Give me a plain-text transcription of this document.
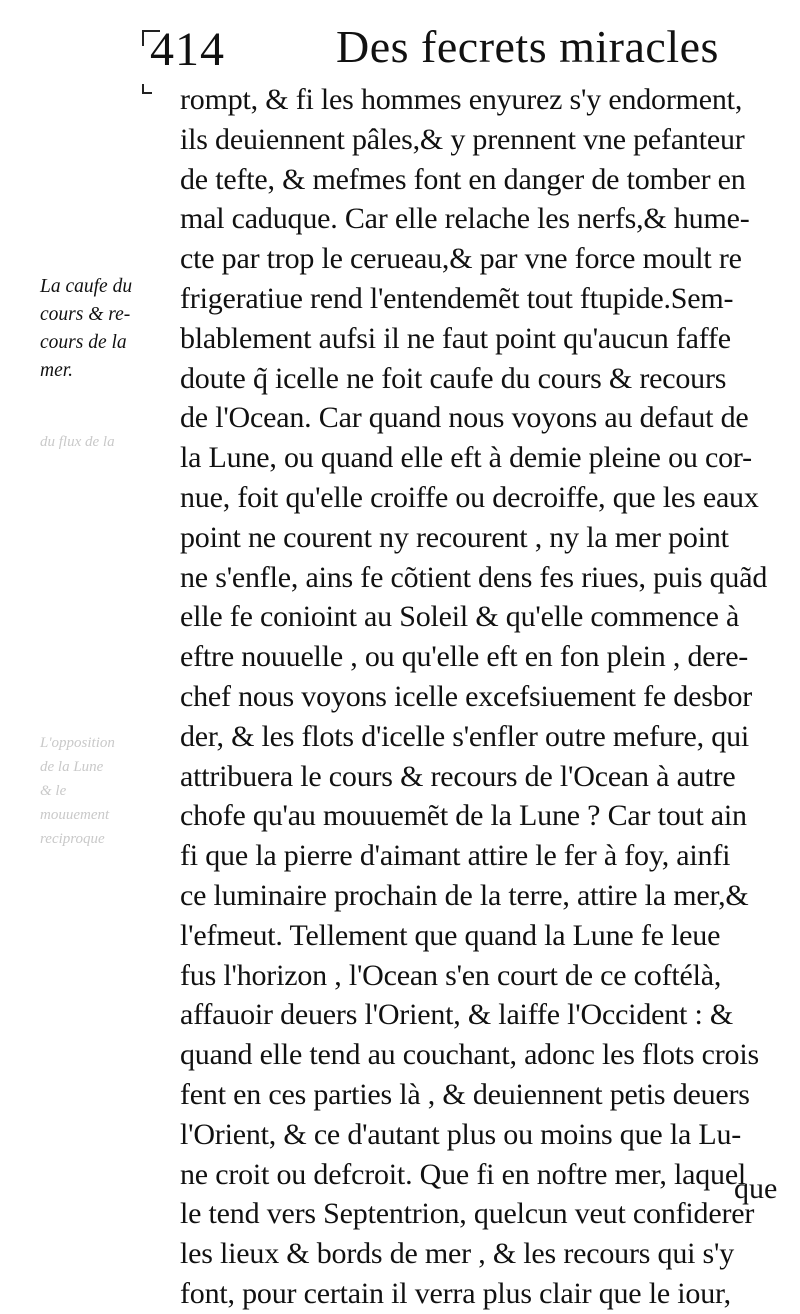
414 Des fecrets miracles
La caufe du
cours & re-
cours de la
mer.
du flux de la
L'opposition
de la Lune
& le
mouuement
reciproque
rompt, & fi les hommes enyurez s'y endorment,
ils deuiennent pâles,& y prennent vne pefanteur
de tefte, & mefmes font en danger de tomber en
mal caduque. Car elle relache les nerfs,& hume-
cte par trop le cerueau,& par vne force moult re
frigeratiue rend l'entendemẽt tout ftupide.Sem-
blablement aufsi il ne faut point qu'aucun faffe
doute q̃ icelle ne foit caufe du cours & recours
de l'Ocean. Car quand nous voyons au defaut de
la Lune, ou quand elle eft à demie pleine ou cor-
nue, foit qu'elle croiffe ou decroiffe, que les eaux
point ne courent ny recourent , ny la mer point
ne s'enfle, ains fe cõtient dens fes riues, puis quãd
elle fe conioint au Soleil & qu'elle commence à
eftre nouuelle , ou qu'elle eft en fon plein , dere-
chef nous voyons icelle excefsiuement fe desbor
der, & les flots d'icelle s'enfler outre mefure, qui
attribuera le cours & recours de l'Ocean à autre
chofe qu'au mouuemẽt de la Lune ? Car tout ain
fi que la pierre d'aimant attire le fer à foy, ainfi
ce luminaire prochain de la terre, attire la mer,&
l'efmeut. Tellement que quand la Lune fe leue
fus l'horizon , l'Ocean s'en court de ce coftélà,
affauoir deuers l'Orient, & laiffe l'Occident : &
quand elle tend au couchant, adonc les flots crois
fent en ces parties là , & deuiennent petis deuers
l'Orient, & ce d'autant plus ou moins que la Lu-
ne croit ou defcroit. Que fi en noftre mer, laquel
le tend vers Septentrion, quelcun veut confiderer
les lieux & bords de mer , & les recours qui s'y
font, pour certain il verra plus clair que le iour,
que
